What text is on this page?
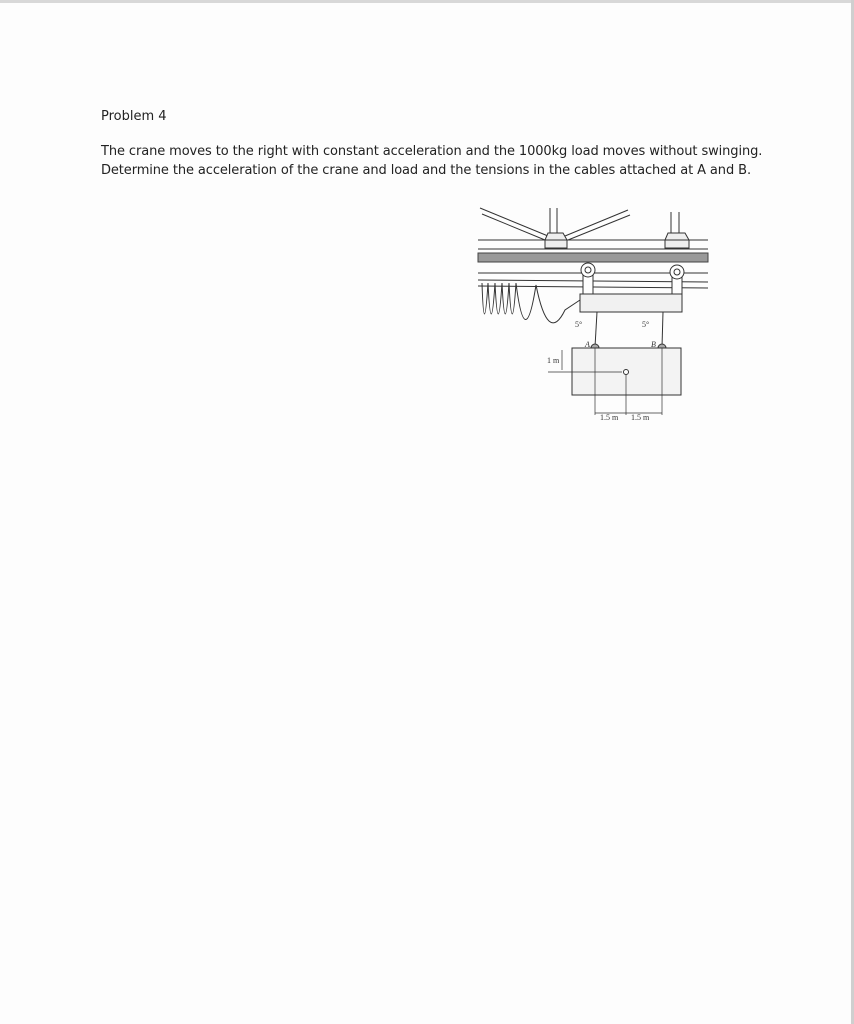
Problem 4
The crane moves to the right with constant acceleration and the 1000kg load moves without swinging.
Determine the acceleration of the crane and load and the tensions in the cables attached at A and B.
5°	5°
A	B
1 m
1.5 m 1.5 m
